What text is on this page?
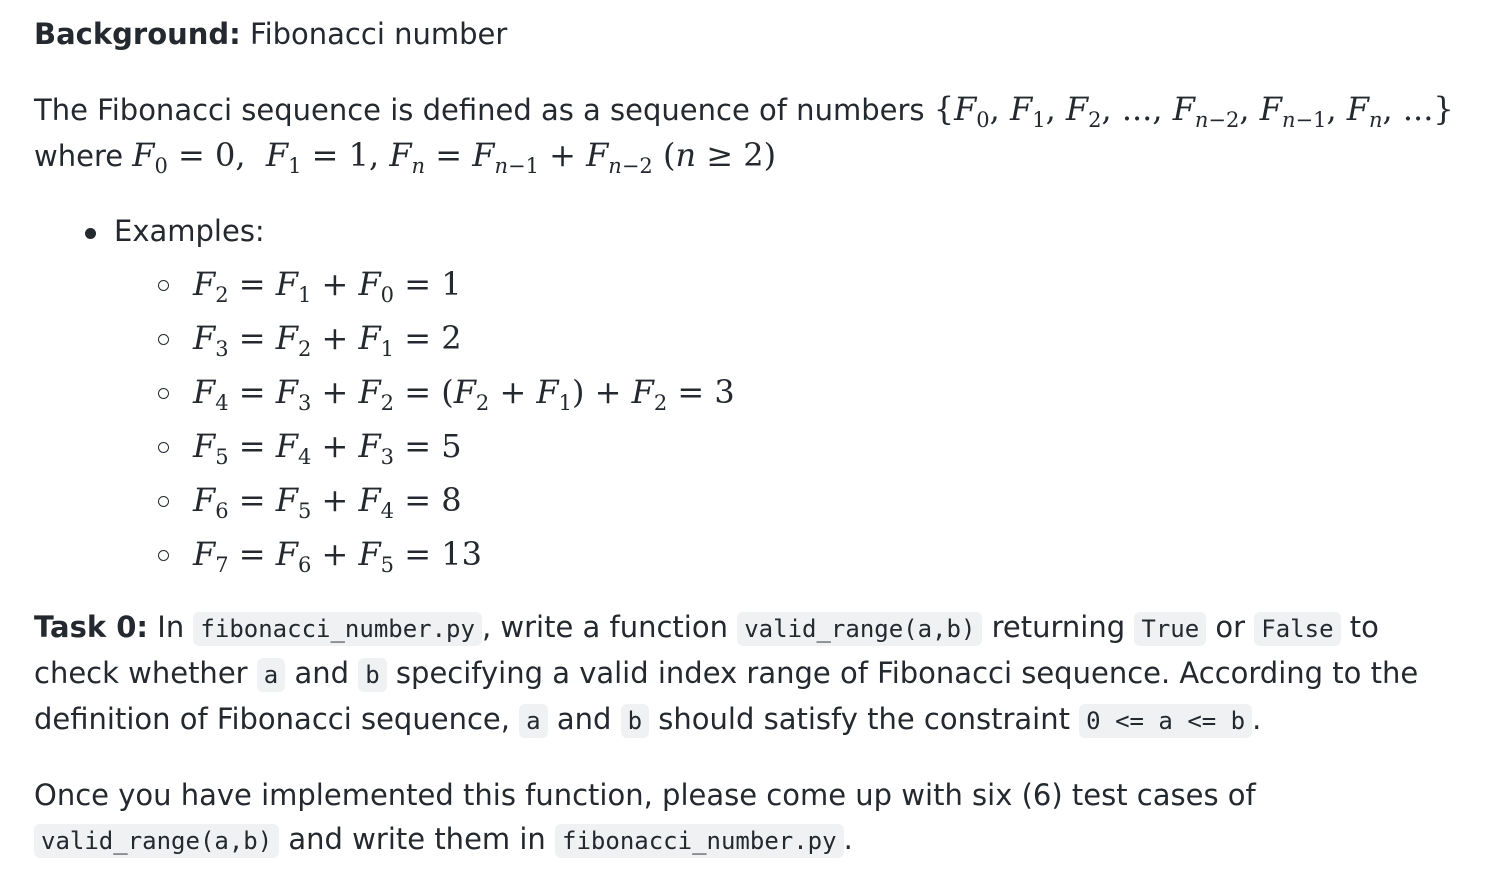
Background: Fibonacci number
The Fibonacci sequence is defined as a sequence of numbers {$F_0$, $F_1$, $F_2$, ..., $F_{n-2}$, $F_{n-1}$, $F_n$, ...}
where $F_0 = 0$,  $F_1 = 1$, $F_n = F_{n-1} + F_{n-2}$ (n ≥ 2)
Examples:
$F_2 = F_1 + F_0 = 1$
$F_3 = F_2 + F_1 = 2$
$F_4 = F_3 + F_2 = (F_2 + F_1) + F_2 = 3$
$F_5 = F_4 + F_3 = 5$
$F_6 = F_5 + F_4 = 8$
$F_7 = F_6 + F_5 = 13$
Task 0: In fibonacci_number.py , write a function valid_range(a,b) returning True or False to
check whether a and b specifying a valid index range of Fibonacci sequence. According to the
definition of Fibonacci sequence, a and b should satisfy the constraint 0 <= a <= b .
Once you have implemented this function, please come up with six (6) test cases of
valid_range(a,b) and write them in fibonacci_number.py .
